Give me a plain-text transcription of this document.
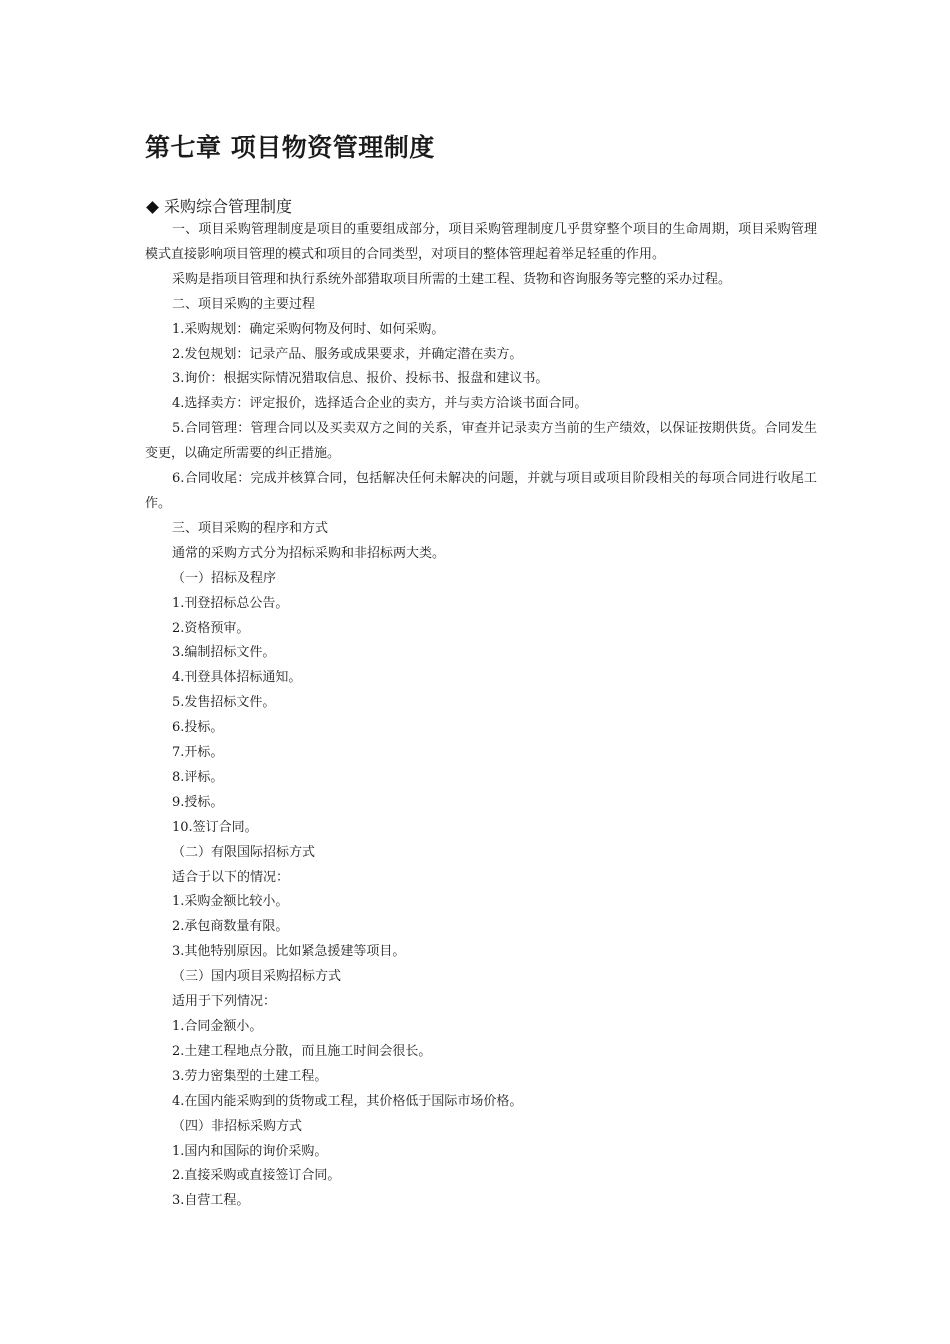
第七章 项目物资管理制度
采购综合管理制度

一、项目采购管理制度是项目的重要组成部分，项目采购管理制度几乎贯穿整个项目的生命周期，项目采购管理模式直接影响项目管理的模式和项目的合同类型，对项目的整体管理起着举足轻重的作用。

采购是指项目管理和执行系统外部猎取项目所需的土建工程、货物和咨询服务等完整的采办过程。

二、项目采购的主要过程

1.采购规划：确定采购何物及何时、如何采购。

2.发包规划：记录产品、服务或成果要求，并确定潜在卖方。

3.询价：根据实际情况猎取信息、报价、投标书、报盘和建议书。

4.选择卖方：评定报价，选择适合企业的卖方，并与卖方洽谈书面合同。

5.合同管理：管理合同以及买卖双方之间的关系，审查并记录卖方当前的生产绩效，以保证按期供货。合同发生变更，以确定所需要的纠正措施。

6.合同收尾：完成并核算合同，包括解决任何未解决的问题，并就与项目或项目阶段相关的每项合同进行收尾工作。

三、项目采购的程序和方式

通常的采购方式分为招标采购和非招标两大类。

（一）招标及程序

1.刊登招标总公告。

2.资格预审。

3.编制招标文件。

4.刊登具体招标通知。

5.发售招标文件。

6.投标。

7.开标。

8.评标。

9.授标。

10.签订合同。

（二）有限国际招标方式

适合于以下的情况：

1.采购金额比较小。

2.承包商数量有限。

3.其他特别原因。比如紧急援建等项目。

（三）国内项目采购招标方式

适用于下列情况：

1.合同金额小。

2.土建工程地点分散，而且施工时间会很长。

3.劳力密集型的土建工程。

4.在国内能采购到的货物或工程，其价格低于国际市场价格。

（四）非招标采购方式

1.国内和国际的询价采购。

2.直接采购或直接签订合同。

3.自营工程。
